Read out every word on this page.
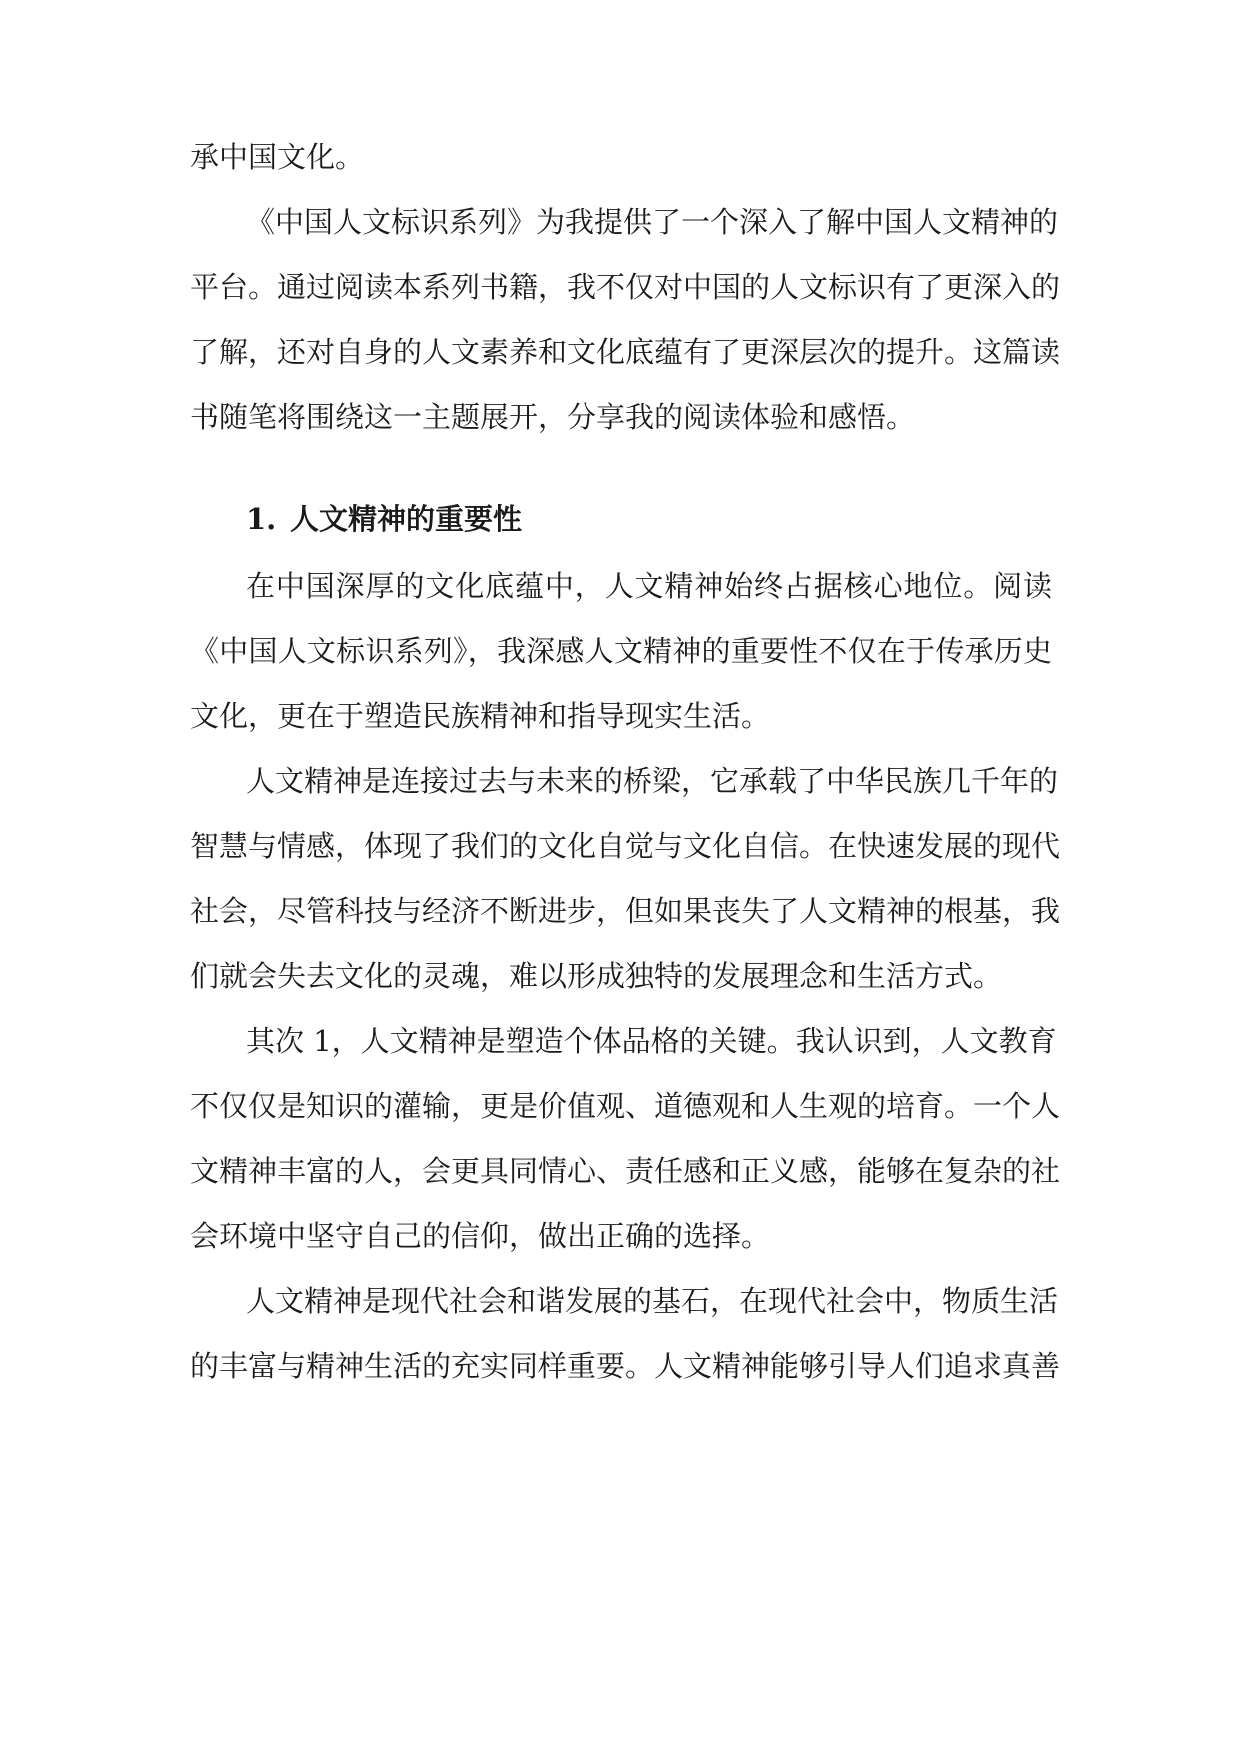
承中国文化。

《中国人文标识系列》为我提供了一个深入了解中国人文精神的

平台。通过阅读本系列书籍，我不仅对中国的人文标识有了更深入的

了解，还对自身的人文素养和文化底蕴有了更深层次的提升。这篇读

书随笔将围绕这一主题展开，分享我的阅读体验和感悟。

1. 人文精神的重要性

在中国深厚的文化底蕴中，人文精神始终占据核心地位。阅读

《中国人文标识系列》，我深感人文精神的重要性不仅在于传承历史

文化，更在于塑造民族精神和指导现实生活。

人文精神是连接过去与未来的桥梁，它承载了中华民族几千年的

智慧与情感，体现了我们的文化自觉与文化自信。在快速发展的现代

社会，尽管科技与经济不断进步，但如果丧失了人文精神的根基，我

们就会失去文化的灵魂，难以形成独特的发展理念和生活方式。

其次 1，人文精神是塑造个体品格的关键。我认识到，人文教育

不仅仅是知识的灌输，更是价值观、道德观和人生观的培育。一个人

文精神丰富的人，会更具同情心、责任感和正义感，能够在复杂的社

会环境中坚守自己的信仰，做出正确的选择。

人文精神是现代社会和谐发展的基石，在现代社会中，物质生活

的丰富与精神生活的充实同样重要。人文精神能够引导人们追求真善
